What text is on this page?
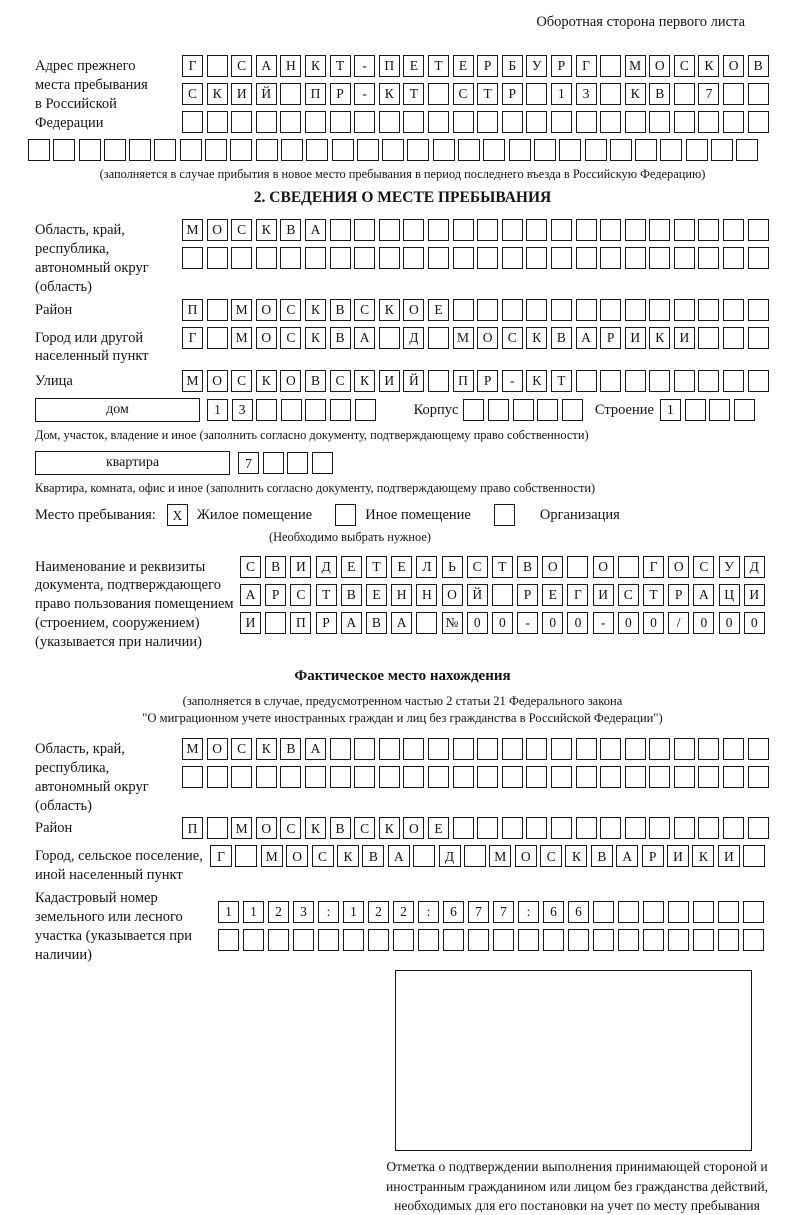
Оборотная сторона первого листа
Адрес прежнего места пребывания в Российской Федерации
Г	С	А	Н	К	Т	-	П	Е	Т	Е	Р	Б	У	Р	Г	М	О	С	К	О	В
С	К	И	Й	П	Р	-	К	Т	С	Т	Р	1	3	К	В	7
(заполняется в случае прибытия в новое место пребывания в период последнего въезда в Российскую Федерацию)
2. СВЕДЕНИЯ О МЕСТЕ ПРЕБЫВАНИЯ
Область, край, республика, автономный округ (область)
М	О	С	К	В	А
Район	П	М	О	С	К	В	С	К	О	Е
Город или другой населенный пункт
Г	М	О	С	К	В	А	Д	М	О	С	К	В	А	Р	И	К	И
Улица	М	О	С	К	О	В	С	К	И	Й	П	Р	-	К	Т
дом	1	3	Корпус	Строение 1
Дом, участок, владение и иное (заполнить согласно документу, подтверждающему право собственности)
квартира	7
Квартира, комната, офис и иное (заполнить согласно документу, подтверждающему право собственности)
Место пребывания:	X	Жилое помещение	Иное помещение	Организация
(Необходимо выбрать нужное)
Наименование и реквизиты документа, подтверждающего право пользования помещением (строением, сооружением) (указывается при наличии)
С	В	И	Д	Е	Т	Е	Л	Ь	С	Т	В	О	О	Г	О	С	У	Д
А	Р	С	Т	В	Е	Н	Н	О	Й	Р	Е	Г	И	С	Т	Р	А	Ц	И
И	П	Р	А	В	А	№	0	0	-	0	0	-	0	0	/	0	0	0
Фактическое место нахождения
(заполняется в случае, предусмотренном частью 2 статьи 21 Федерального закона
"О миграционном учете иностранных граждан и лиц без гражданства в Российской Федерации")
Область, край, республика, автономный округ (область)
М	О	С	К	В	А
Район	П	М	О	С	К	В	С	К	О	Е
Город, сельское поселение, иной населенный пункт
Г	М	О	С	К	В	А	Д	М	О	С	К	В	А	Р	И	К	И
Кадастровый номер земельного или лесного участка (указывается при наличии)
1	1	2	3	:	1	2	2	:	6	7	7	:	6	6
Отметка о подтверждении выполнения принимающей стороной и иностранным гражданином или лицом без гражданства действий, необходимых для его постановки на учет по месту пребывания
